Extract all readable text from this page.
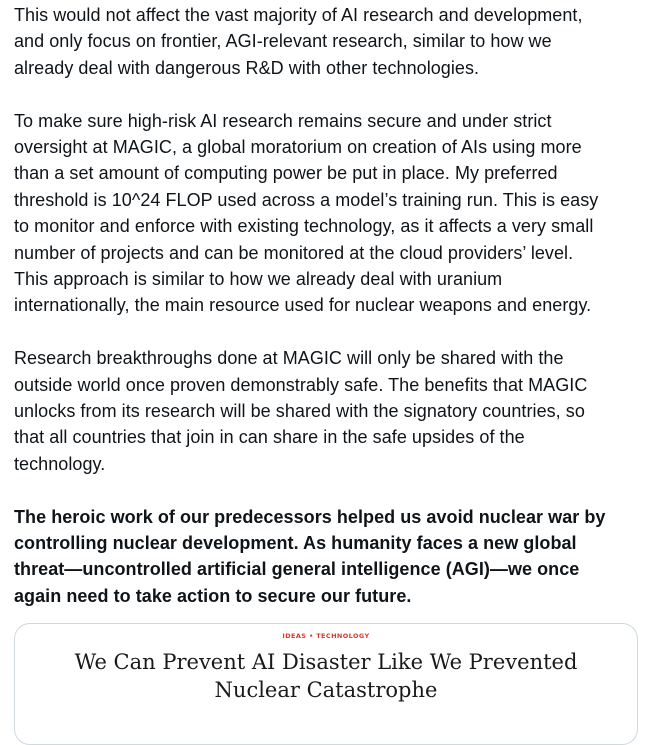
This would not affect the vast majority of AI research and development,
and only focus on frontier, AGI-relevant research, similar to how we
already deal with dangerous R&D with other technologies.

To make sure high-risk AI research remains secure and under strict
oversight at MAGIC, a global moratorium on creation of AIs using more
than a set amount of computing power be put in place. My preferred
threshold is 10^24 FLOP used across a model’s training run. This is easy
to monitor and enforce with existing technology, as it affects a very small
number of projects and can be monitored at the cloud providers’ level.
This approach is similar to how we already deal with uranium
internationally, the main resource used for nuclear weapons and energy.

Research breakthroughs done at MAGIC will only be shared with the
outside world once proven demonstrably safe. The benefits that MAGIC
unlocks from its research will be shared with the signatory countries, so
that all countries that join in can share in the safe upsides of the
technology.

The heroic work of our predecessors helped us avoid nuclear war by
controlling nuclear development. As humanity faces a new global
threat—uncontrolled artificial general intelligence (AGI)—we once
again need to take action to secure our future.

IDEAS • TECHNOLOGY
We Can Prevent AI Disaster Like We Prevented
Nuclear Catastrophe
